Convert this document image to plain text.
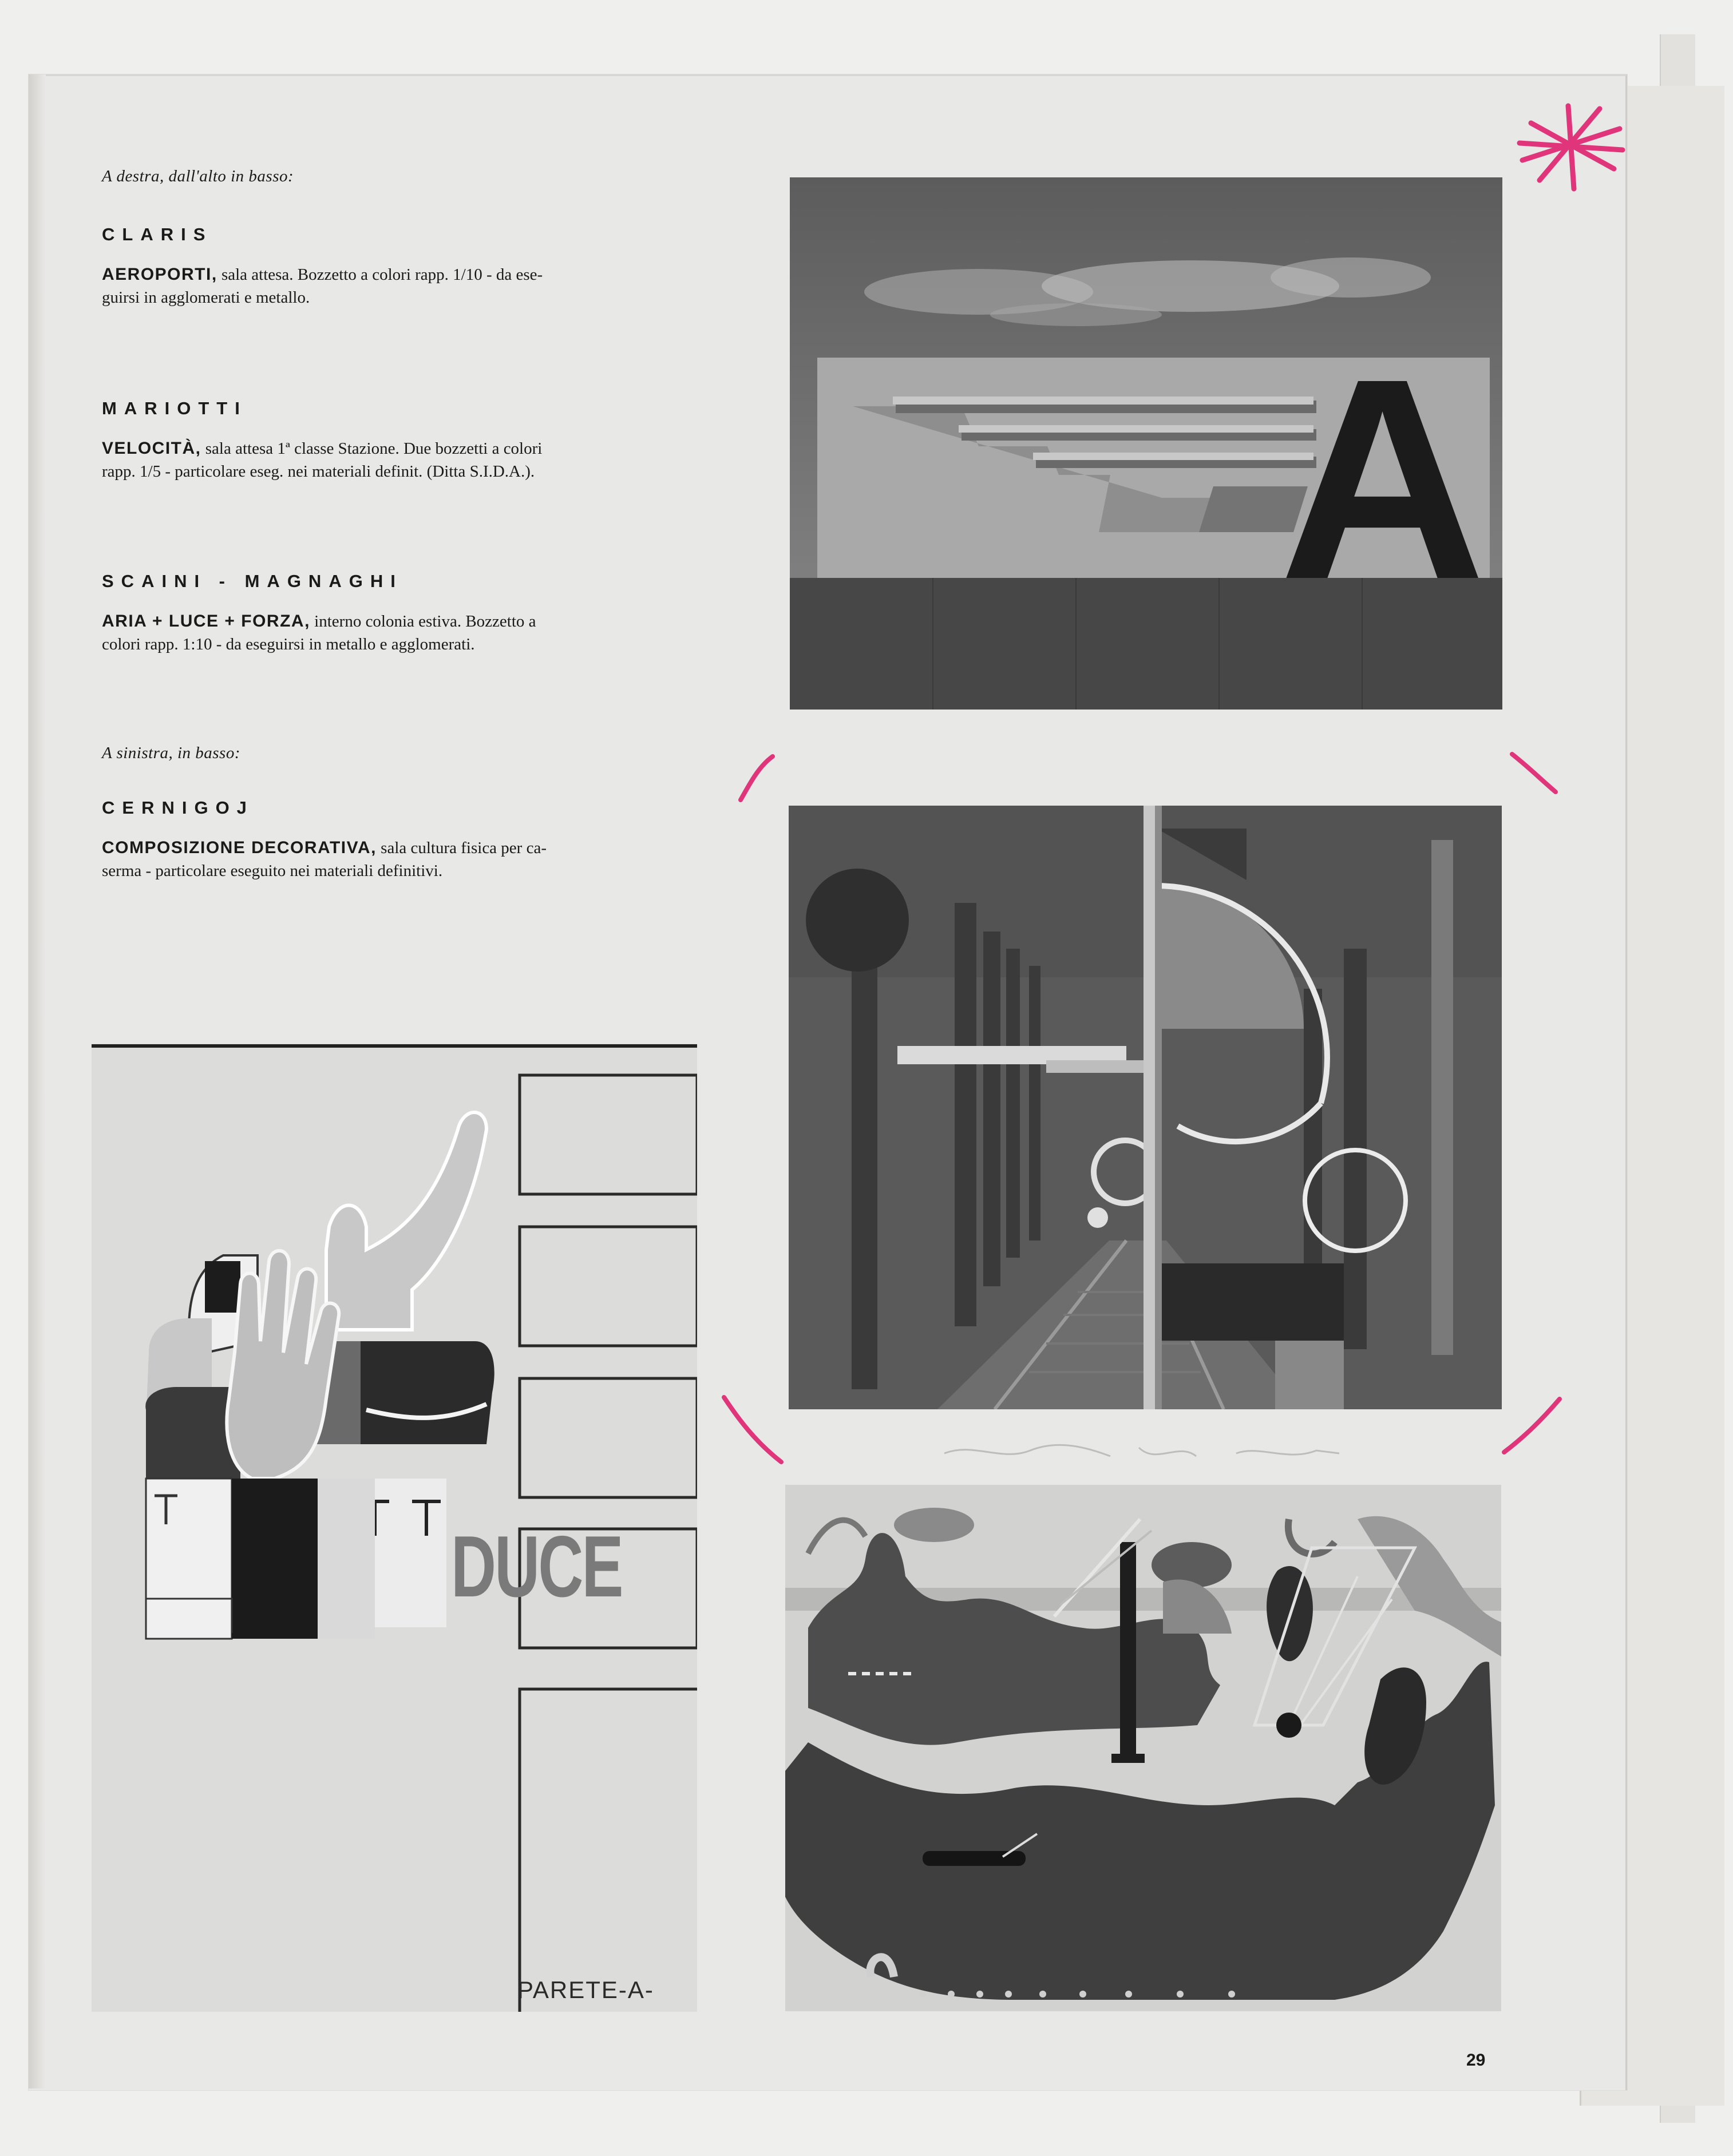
A destra, dall'alto in basso:
CLARIS
AEROPORTI, sala attesa. Bozzetto a colori rapp. 1/10 - da ese-
guirsi in agglomerati e metallo.
MARIOTTI
VELOCITÀ, sala attesa 1ª classe Stazione. Due bozzetti a colori
rapp. 1/5 - particolare eseg. nei materiali definit. (Ditta S.I.D.A.).
SCAINI - MAGNAGHI
ARIA + LUCE + FORZA, interno colonia estiva. Bozzetto a
colori rapp. 1:10 - da eseguirsi in metallo e agglomerati.
A sinistra, in basso:
CERNIGOJ
COMPOSIZIONE DECORATIVA, sala cultura fisica per ca-
serma - particolare eseguito nei materiali definitivi.
A
DUCE
PARETE-A-
29
